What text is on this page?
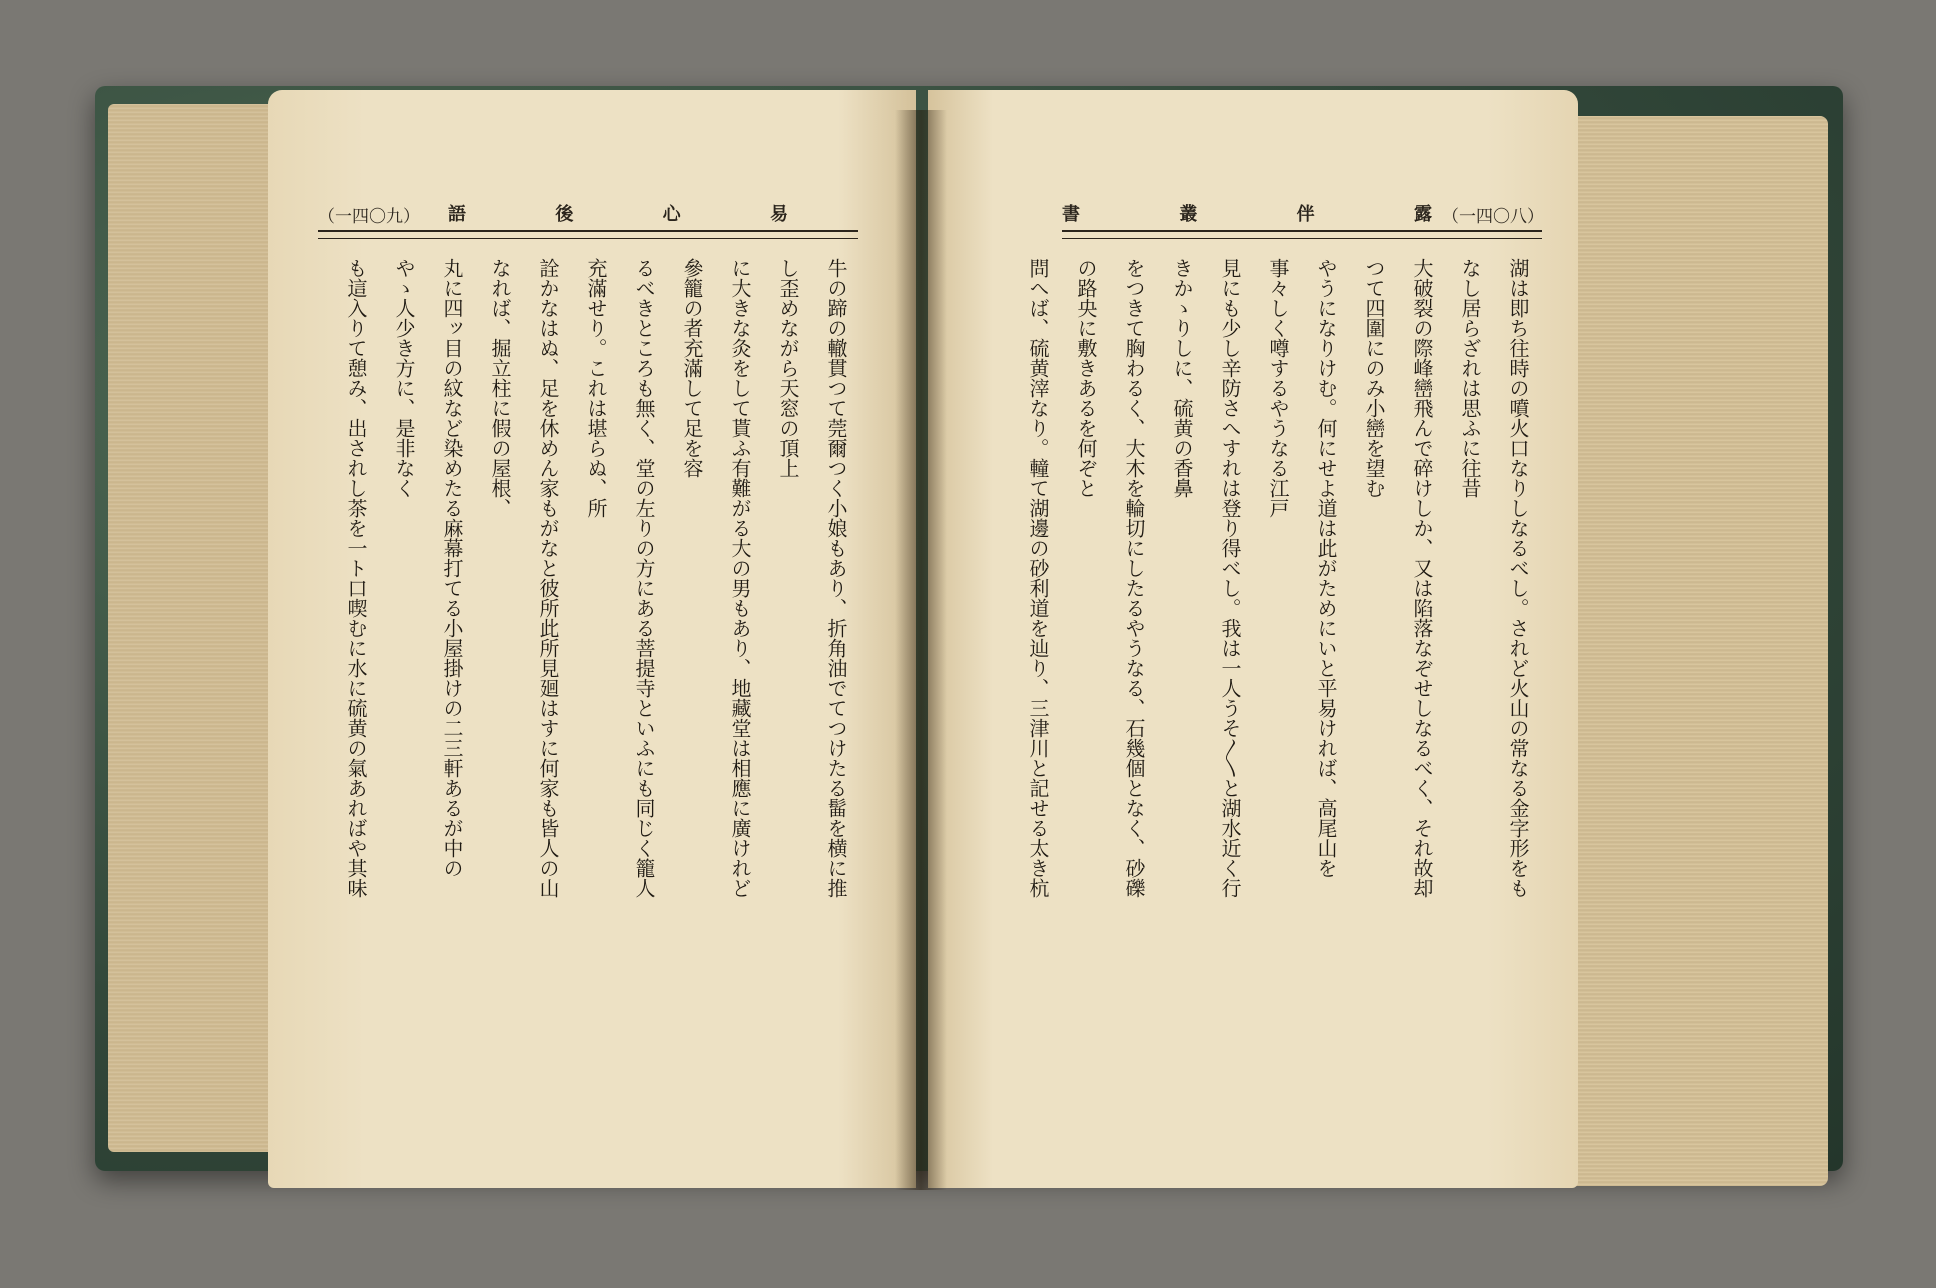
（一四〇九） 語	後	心	易	書	叢	伴	露 （一四〇八）

牛の蹄の轍貫つて莞爾つく小娘もあり、折角油でてつけたる髷を横に推し歪めながら天窓の頂上

に大きな灸をして貰ふ有難がる大の男もあり、地藏堂は相應に廣けれど參籠の者充滿して足を容

るべきところも無く、堂の左りの方にある菩提寺といふにも同じく籠人充滿せり。これは堪らぬ、所

詮かなはぬ、足を休めん家もがなと彼所此所見廻はすに何家も皆人の山なれば、掘立柱に假の屋根、

丸に四ッ目の紋など染めたる麻幕打てる小屋掛けの二三軒あるが中のやゝ人少き方に、是非なく

も這入りて憩み、出されし茶を一ト口喫むに水に硫黄の氣あればや其味	湖は即ち往時の噴火口なりしなるべし。されど火山の常なる金字形をもなし居らざれは思ふに往昔

大破裂の際峰巒飛んで碎けしか、又は陷落なぞせしなるべく、それ故却つて四圍にのみ小巒を望む

やうになりけむ。何にせよ道は此がためにいと平易ければ、高尾山を事々しく噂するやうなる江戸

見にも少し辛防さへすれは登り得べし。我は一人うそ〳〵と湖水近く行きかゝりしに、硫黄の香鼻

をつきて胸わるく、大木を輪切にしたるやうなる、石幾個となく、砂礫の路央に敷きあるを何ぞと

問へば、硫黄滓なり。䡴て湖邊の砂利道を辿り、三津川と記せる太き杭
